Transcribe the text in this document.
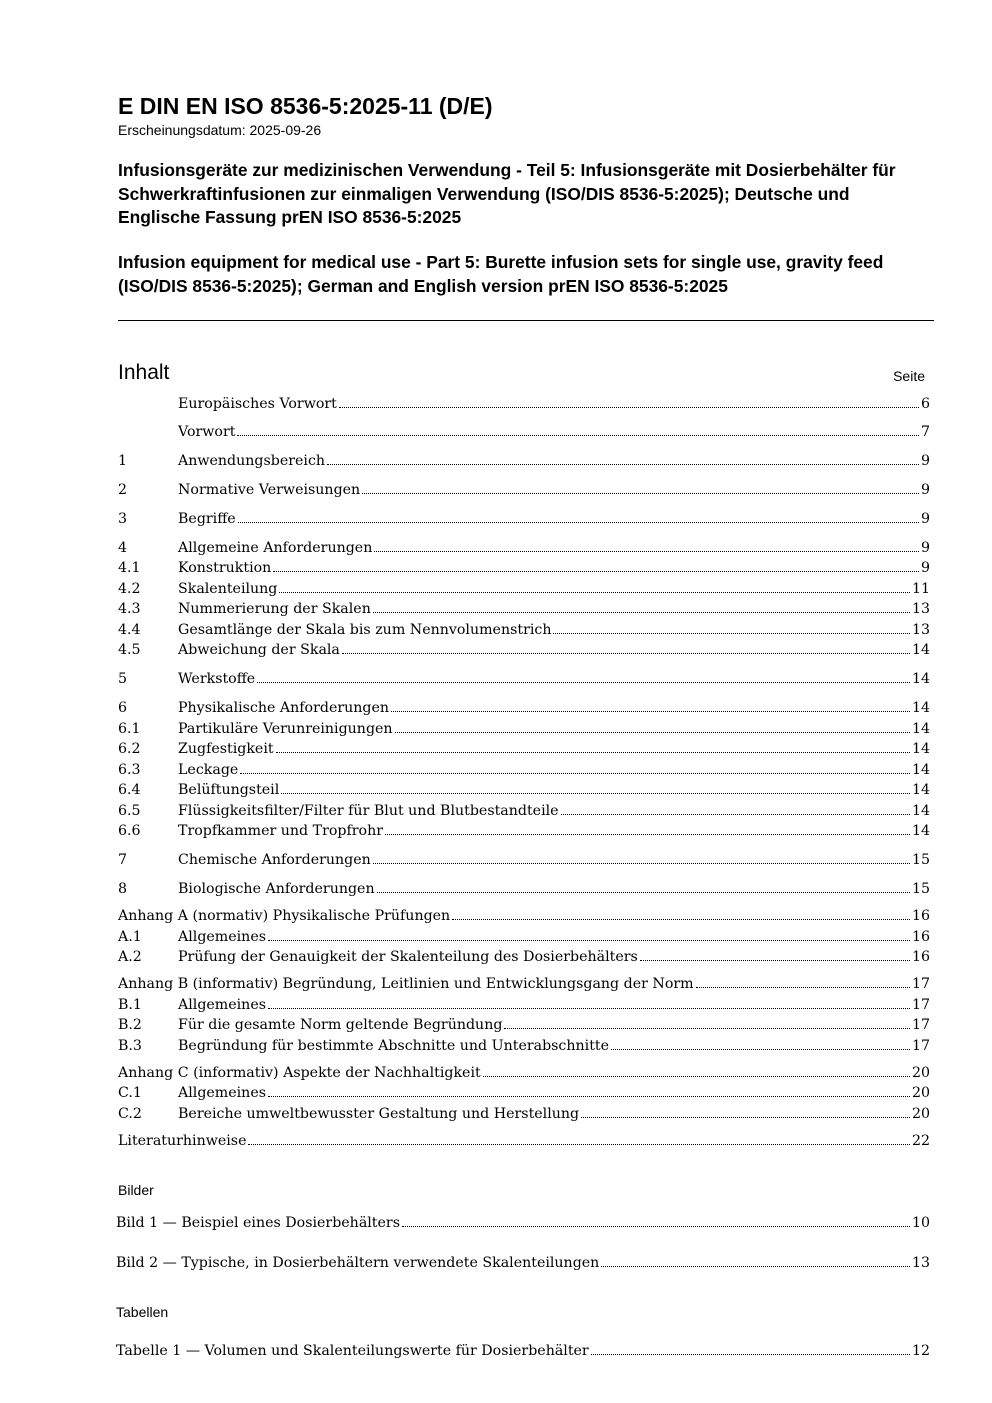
E DIN EN ISO 8536-5:2025-11 (D/E)
Erscheinungsdatum: 2025-09-26
Infusionsgeräte zur medizinischen Verwendung - Teil 5: Infusionsgeräte mit Dosierbehälter für Schwerkraftinfusionen zur einmaligen Verwendung (ISO/DIS 8536-5:2025); Deutsche und Englische Fassung prEN ISO 8536-5:2025
Infusion equipment for medical use - Part 5: Burette infusion sets for single use, gravity feed (ISO/DIS 8536-5:2025); German and English version prEN ISO 8536-5:2025
Inhalt	Seite
Europäisches Vorwort	6
Vorwort	7
1	Anwendungsbereich	9
2	Normative Verweisungen	9
3	Begriffe	9
4	Allgemeine Anforderungen	9
4.1	Konstruktion	9
4.2	Skalenteilung	11
4.3	Nummerierung der Skalen	13
4.4	Gesamtlänge der Skala bis zum Nennvolumenstrich	13
4.5	Abweichung der Skala	14
5	Werkstoffe	14
6	Physikalische Anforderungen	14
6.1	Partikuläre Verunreinigungen	14
6.2	Zugfestigkeit	14
6.3	Leckage	14
6.4	Belüftungsteil	14
6.5	Flüssigkeitsfilter/Filter für Blut und Blutbestandteile	14
6.6	Tropfkammer und Tropfrohr	14
7	Chemische Anforderungen	15
8	Biologische Anforderungen	15
Anhang A (normativ) Physikalische Prüfungen	16
A.1	Allgemeines	16
A.2	Prüfung der Genauigkeit der Skalenteilung des Dosierbehälters	16
Anhang B (informativ) Begründung, Leitlinien und Entwicklungsgang der Norm	17
B.1	Allgemeines	17
B.2	Für die gesamte Norm geltende Begründung	17
B.3	Begründung für bestimmte Abschnitte und Unterabschnitte	17
Anhang C (informativ) Aspekte der Nachhaltigkeit	20
C.1	Allgemeines	20
C.2	Bereiche umweltbewusster Gestaltung und Herstellung	20
Literaturhinweise	22
Bilder
Bild 1 — Beispiel eines Dosierbehälters	10
Bild 2 — Typische, in Dosierbehältern verwendete Skalenteilungen	13
Tabellen
Tabelle 1 — Volumen und Skalenteilungswerte für Dosierbehälter	12
